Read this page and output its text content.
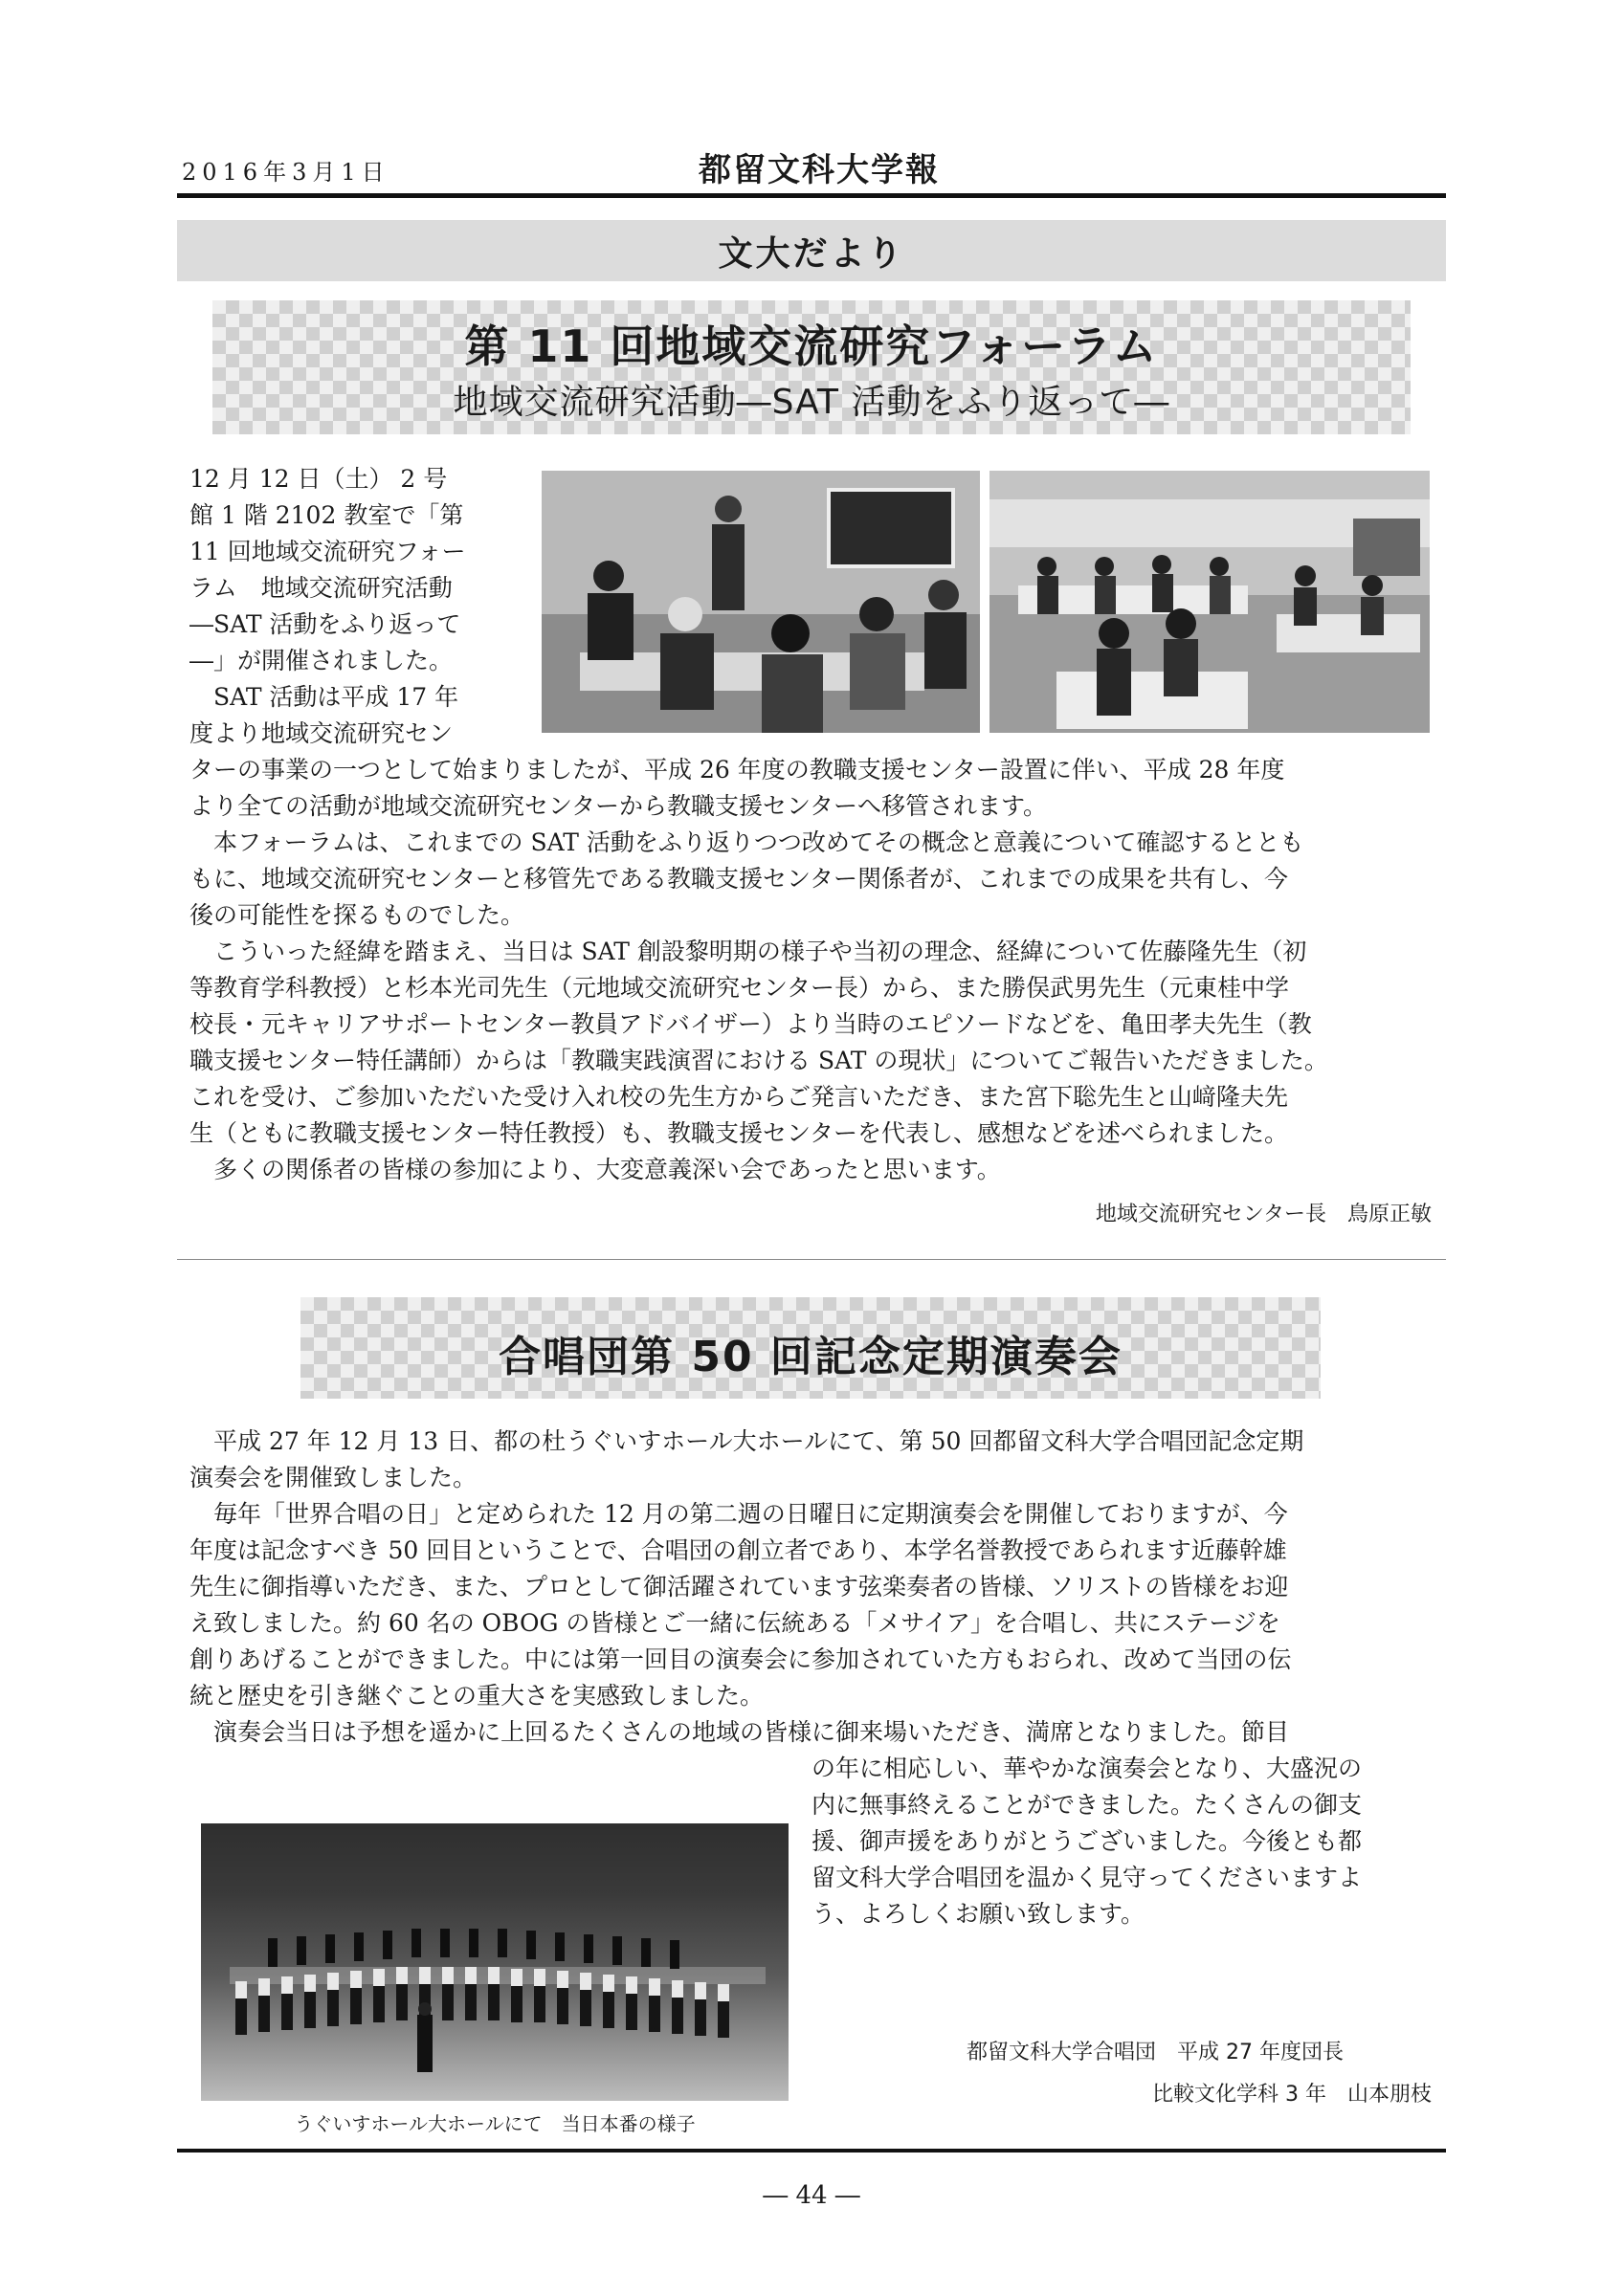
2016年3月1日	都留文科大学報
文大だより
第 11 回地域交流研究フォーラム
地域交流研究活動―SAT 活動をふり返って―

12 月 12 日（土） 2 号

館 1 階 2102 教室で「第

11 回地域交流研究フォー

ラム　地域交流研究活動

―SAT 活動をふり返って

―」が開催されました。

　SAT 活動は平成 17 年

度より地域交流研究セン

ターの事業の一つとして始まりましたが、平成 26 年度の教職支援センター設置に伴い、平成 28 年度

より全ての活動が地域交流研究センターから教職支援センターへ移管されます。

　本フォーラムは、これまでの SAT 活動をふり返りつつ改めてその概念と意義について確認するととも

もに、地域交流研究センターと移管先である教職支援センター関係者が、これまでの成果を共有し、今

後の可能性を探るものでした。

　こういった経緯を踏まえ、当日は SAT 創設黎明期の様子や当初の理念、経緯について佐藤隆先生（初

等教育学科教授）と杉本光司先生（元地域交流研究センター長）から、また勝俣武男先生（元東桂中学

校長・元キャリアサポートセンター教員アドバイザー）より当時のエピソードなどを、亀田孝夫先生（教

職支援センター特任講師）からは「教職実践演習における SAT の現状」についてご報告いただきました。

これを受け、ご参加いただいた受け入れ校の先生方からご発言いただき、また宮下聡先生と山﨑隆夫先

生（ともに教職支援センター特任教授）も、教職支援センターを代表し、感想などを述べられました。

　多くの関係者の皆様の参加により、大変意義深い会であったと思います。

地域交流研究センター長　鳥原正敏
合唱団第 50 回記念定期演奏会

　平成 27 年 12 月 13 日、都の杜うぐいすホール大ホールにて、第 50 回都留文科大学合唱団記念定期

演奏会を開催致しました。

　毎年「世界合唱の日」と定められた 12 月の第二週の日曜日に定期演奏会を開催しておりますが、今

年度は記念すべき 50 回目ということで、合唱団の創立者であり、本学名誉教授であられます近藤幹雄

先生に御指導いただき、また、プロとして御活躍されています弦楽奏者の皆様、ソリストの皆様をお迎

え致しました。約 60 名の OBOG の皆様とご一緒に伝統ある「メサイア」を合唱し、共にステージを

創りあげることができました。中には第一回目の演奏会に参加されていた方もおられ、改めて当団の伝

統と歴史を引き継ぐことの重大さを実感致しました。

　演奏会当日は予想を遥かに上回るたくさんの地域の皆様に御来場いただき、満席となりました。節目

の年に相応しい、華やかな演奏会となり、大盛況の

内に無事終えることができました。たくさんの御支

援、御声援をありがとうございました。今後とも都

留文科大学合唱団を温かく見守ってくださいますよ

う、よろしくお願い致します。

うぐいすホール大ホールにて　当日本番の様子
都留文科大学合唱団　平成 27 年度団長
比較文化学科 3 年　山本朋枝
― 44 ―
